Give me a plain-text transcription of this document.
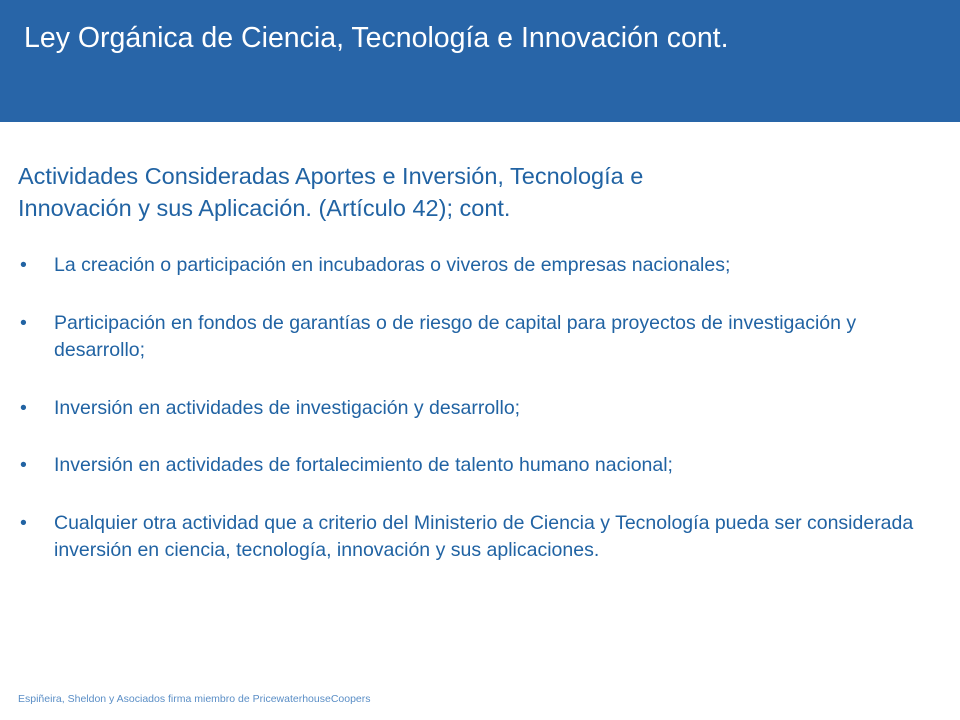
Ley Orgánica de Ciencia, Tecnología e Innovación cont.
Actividades Consideradas Aportes e Inversión, Tecnología e
Innovación y sus Aplicación. (Artículo 42); cont.
• La creación o participación en incubadoras o viveros de empresas nacionales;
• Participación en fondos de garantías o de riesgo de capital para proyectos de investigación y desarrollo;
• Inversión en actividades de investigación y desarrollo;
• Inversión en actividades de fortalecimiento de talento humano nacional;
• Cualquier otra actividad que a criterio del Ministerio de Ciencia y Tecnología pueda ser considerada inversión en ciencia, tecnología, innovación y sus aplicaciones.
Espiñeira, Sheldon y Asociados firma miembro de PricewaterhouseCoopers
